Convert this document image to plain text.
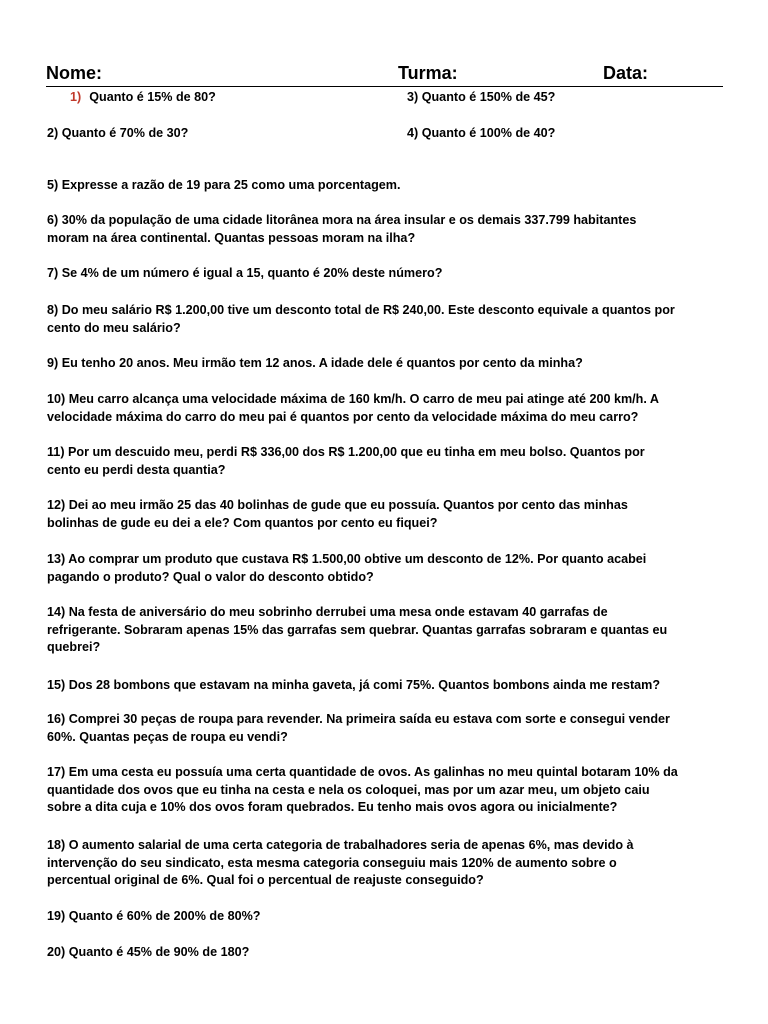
Nome:	Turma:	Data:
1) Quanto é 15% de 80?	3) Quanto é 150% de 45?
2) Quanto é 70% de 30?	4) Quanto é 100% de 40?
5) Expresse a razão de 19 para 25 como uma porcentagem.
6) 30% da população de uma cidade litorânea mora na área insular e os demais 337.799 habitantes
moram na área continental. Quantas pessoas moram na ilha?
7) Se 4% de um número é igual a 15, quanto é 20% deste número?
8) Do meu salário R$ 1.200,00 tive um desconto total de R$ 240,00. Este desconto equivale a quantos por
cento do meu salário?
9) Eu tenho 20 anos. Meu irmão tem 12 anos. A idade dele é quantos por cento da minha?
10) Meu carro alcança uma velocidade máxima de 160 km/h. O carro de meu pai atinge até 200 km/h. A
velocidade máxima do carro do meu pai é quantos por cento da velocidade máxima do meu carro?
11) Por um descuido meu, perdi R$ 336,00 dos R$ 1.200,00 que eu tinha em meu bolso. Quantos por
cento eu perdi desta quantia?
12) Dei ao meu irmão 25 das 40 bolinhas de gude que eu possuía. Quantos por cento das minhas
bolinhas de gude eu dei a ele? Com quantos por cento eu fiquei?
13) Ao comprar um produto que custava R$ 1.500,00 obtive um desconto de 12%. Por quanto acabei
pagando o produto? Qual o valor do desconto obtido?
14) Na festa de aniversário do meu sobrinho derrubei uma mesa onde estavam 40 garrafas de
refrigerante. Sobraram apenas 15% das garrafas sem quebrar. Quantas garrafas sobraram e quantas eu
quebrei?
15) Dos 28 bombons que estavam na minha gaveta, já comi 75%. Quantos bombons ainda me restam?
16) Comprei 30 peças de roupa para revender. Na primeira saída eu estava com sorte e consegui vender
60%. Quantas peças de roupa eu vendi?
17) Em uma cesta eu possuía uma certa quantidade de ovos. As galinhas no meu quintal botaram 10% da
quantidade dos ovos que eu tinha na cesta e nela os coloquei, mas por um azar meu, um objeto caiu
sobre a dita cuja e 10% dos ovos foram quebrados. Eu tenho mais ovos agora ou inicialmente?
18) O aumento salarial de uma certa categoria de trabalhadores seria de apenas 6%, mas devido à
intervenção do seu sindicato, esta mesma categoria conseguiu mais 120% de aumento sobre o
percentual original de 6%. Qual foi o percentual de reajuste conseguido?
19) Quanto é 60% de 200% de 80%?
20) Quanto é 45% de 90% de 180?
